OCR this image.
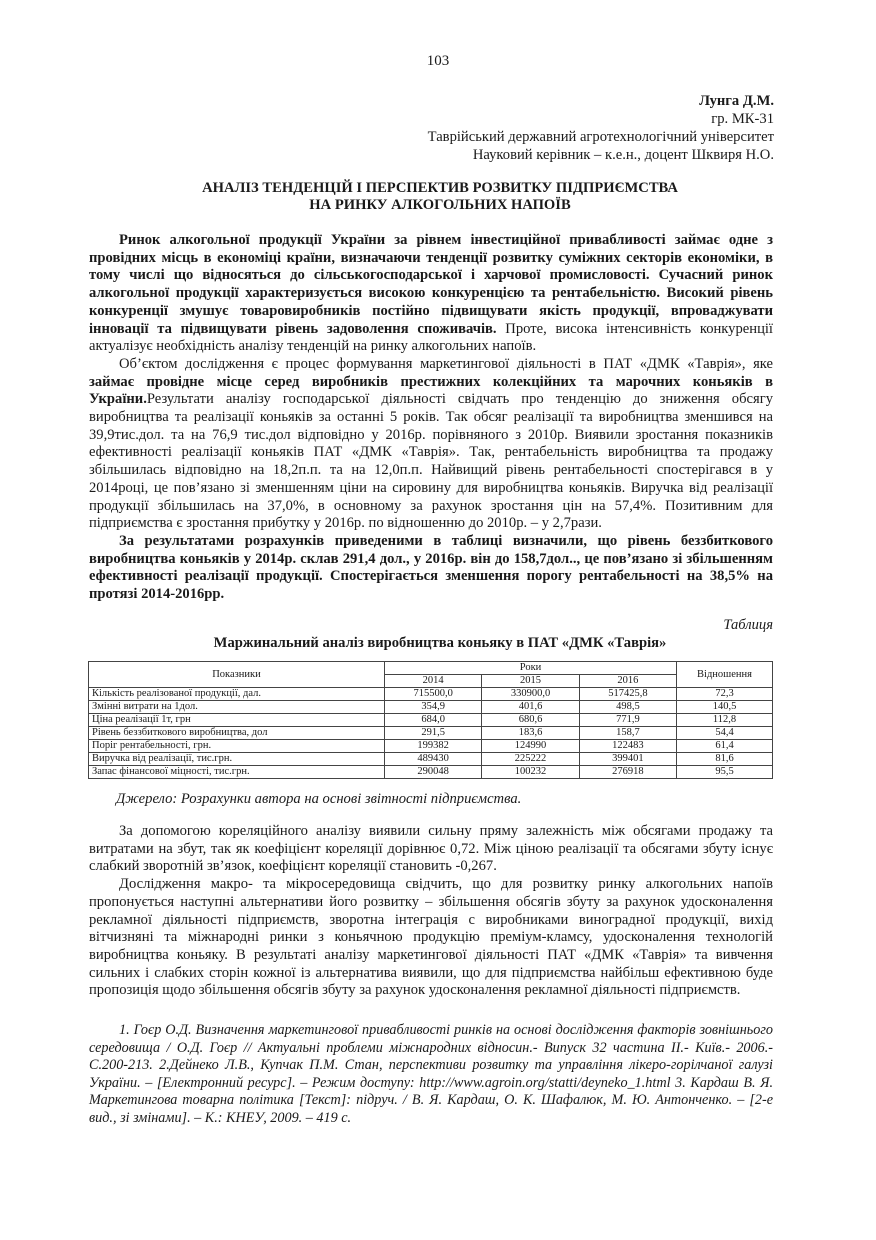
103
Лунга Д.М.
гр. МК-31
Таврійський державний агротехнологічний університет
Науковий керівник – к.е.н., доцент Шквиря Н.О.
АНАЛІЗ ТЕНДЕНЦІЙ І ПЕРСПЕКТИВ РОЗВИТКУ ПІДПРИЄМСТВА
НА РИНКУ АЛКОГОЛЬНИХ НАПОЇВ

Ринок алкогольної продукції України за рівнем інвестиційної привабливості займає одне з провідних місць в економіці країни, визначаючи тенденції розвитку суміжних секторів економіки, в тому числі що відносяться до сільськогосподарської і харчової промисловості. Сучасний ринок алкогольної продукції характеризується високою конкуренцією та рентабельністю. Високий рівень конкуренції змушує товаровиробників постійно підвищувати якість продукції, впроваджувати інновації та підвищувати рівень задоволення споживачів. Проте, висока інтенсивність конкуренції актуалізує необхідність аналізу тенденцій на ринку алкогольних напоїв.

Об’єктом дослідження є процес формування маркетингової діяльності в ПАТ «ДМК «Таврія», яке займає провідне місце серед виробників престижних колекційних та марочних коньяків в України.Результати аналізу господарської діяльності свідчать про тенденцію до зниження обсягу виробництва та реалізації коньяків за останні 5 років. Так обсяг реалізації та виробництва зменшився на 39,9тис.дол. та на 76,9 тис.дол відповідно у 2016р. порівняного з 2010р. Виявили зростання показників ефективності реалізації коньяків ПАТ «ДМК «Таврія». Так, рентабельність виробництва та продажу збільшилась відповідно на 18,2п.п. та на 12,0п.п. Найвищий рівень рентабельності спостерігався в у 2014році, це пов’язано зі зменшенням ціни на сировину для виробництва коньяків. Виручка від реалізації продукції збільшилась на 37,0%, в основному за рахунок зростання цін на 57,4%. Позитивним для підприємства є зростання прибутку у 2016р. по відношенню до 2010р. – у 2,7рази.

За результатами розрахунків приведеними в таблиці визначили, що рівень беззбиткового виробництва коньяків у 2014р. склав 291,4 дол., у 2016р. він до 158,7дол.., це пов’язано зі збільшенням ефективності реалізації продукції. Спостерігається зменшення порогу рентабельності на 38,5% на протязі 2014-2016рр.

Таблиця
Маржинальний аналіз виробництва коньяку в ПАТ «ДМК «Таврія»
Показники	Роки			Відношення
	2014	2015	2016	
Кількість реалізованої продукції, дал.	715500,0	330900,0	517425,8	72,3
Змінні витрати на 1дол.	354,9	401,6	498,5	140,5
Ціна реалізації 1т, грн	684,0	680,6	771,9	112,8
Рівень беззбиткового виробництва, дол	291,5	183,6	158,7	54,4
Поріг рентабельності, грн.	199382	124990	122483	61,4
Виручка від реалізації, тис.грн.	489430	225222	399401	81,6
Запас фінансової міцності, тис.грн.	290048	100232	276918	95,5
Джерело: Розрахунки автора на основі звітності підприємства.

За допомогою кореляційного аналізу виявили сильну пряму залежність між обсягами продажу та витратами на збут, так як коефіцієнт кореляції дорівнює 0,72. Між ціною реалізації та обсягами збуту існує слабкий зворотній зв’язок, коефіцієнт кореляції становить -0,267.

Дослідження макро- та мікросередовища свідчить, що для розвитку ринку алкогольних напоїв пропонується наступні альтернативи його розвитку – збільшення обсягів збуту за рахунок удосконалення рекламної діяльності підприємств, зворотна інтеграція с виробниками виноградної продукції, вихід вітчизняні та міжнародні ринки з коньячною продукцію преміум-кламсу, удосконалення технологій виробництва коньяку. В результаті аналізу маркетингової діяльності ПАТ «ДМК «Таврія» та вивчення сильних і слабких сторін кожної із альтернатива виявили, що для підприємства найбільш ефективною буде пропозиція щодо збільшення обсягів збуту за рахунок удосконалення рекламної діяльності підприємств.

1. Гоєр О.Д. Визначення маркетингової привабливості ринків на основі дослідження факторів зовнішнього середовища / О.Д. Гоєр // Актуальні проблеми міжнародних відносин.- Випуск 32 частина II.- Київ.- 2006.- С.200-213. 2.Дейнеко Л.В., Купчак П.М. Стан, перспективи розвитку та управління лікеро-горілчаної галузі України. – [Електронний ресурс]. – Режим доступу: http://www.agroin.org/statti/deyneko_1.html 3. Кардаш В. Я. Маркетингова товарна політика [Текст]: підруч. / В. Я. Кардаш, О. К. Шафалюк, М. Ю. Антонченко. – [2-е вид., зі змінами]. – К.: КНЕУ, 2009. – 419 с.
